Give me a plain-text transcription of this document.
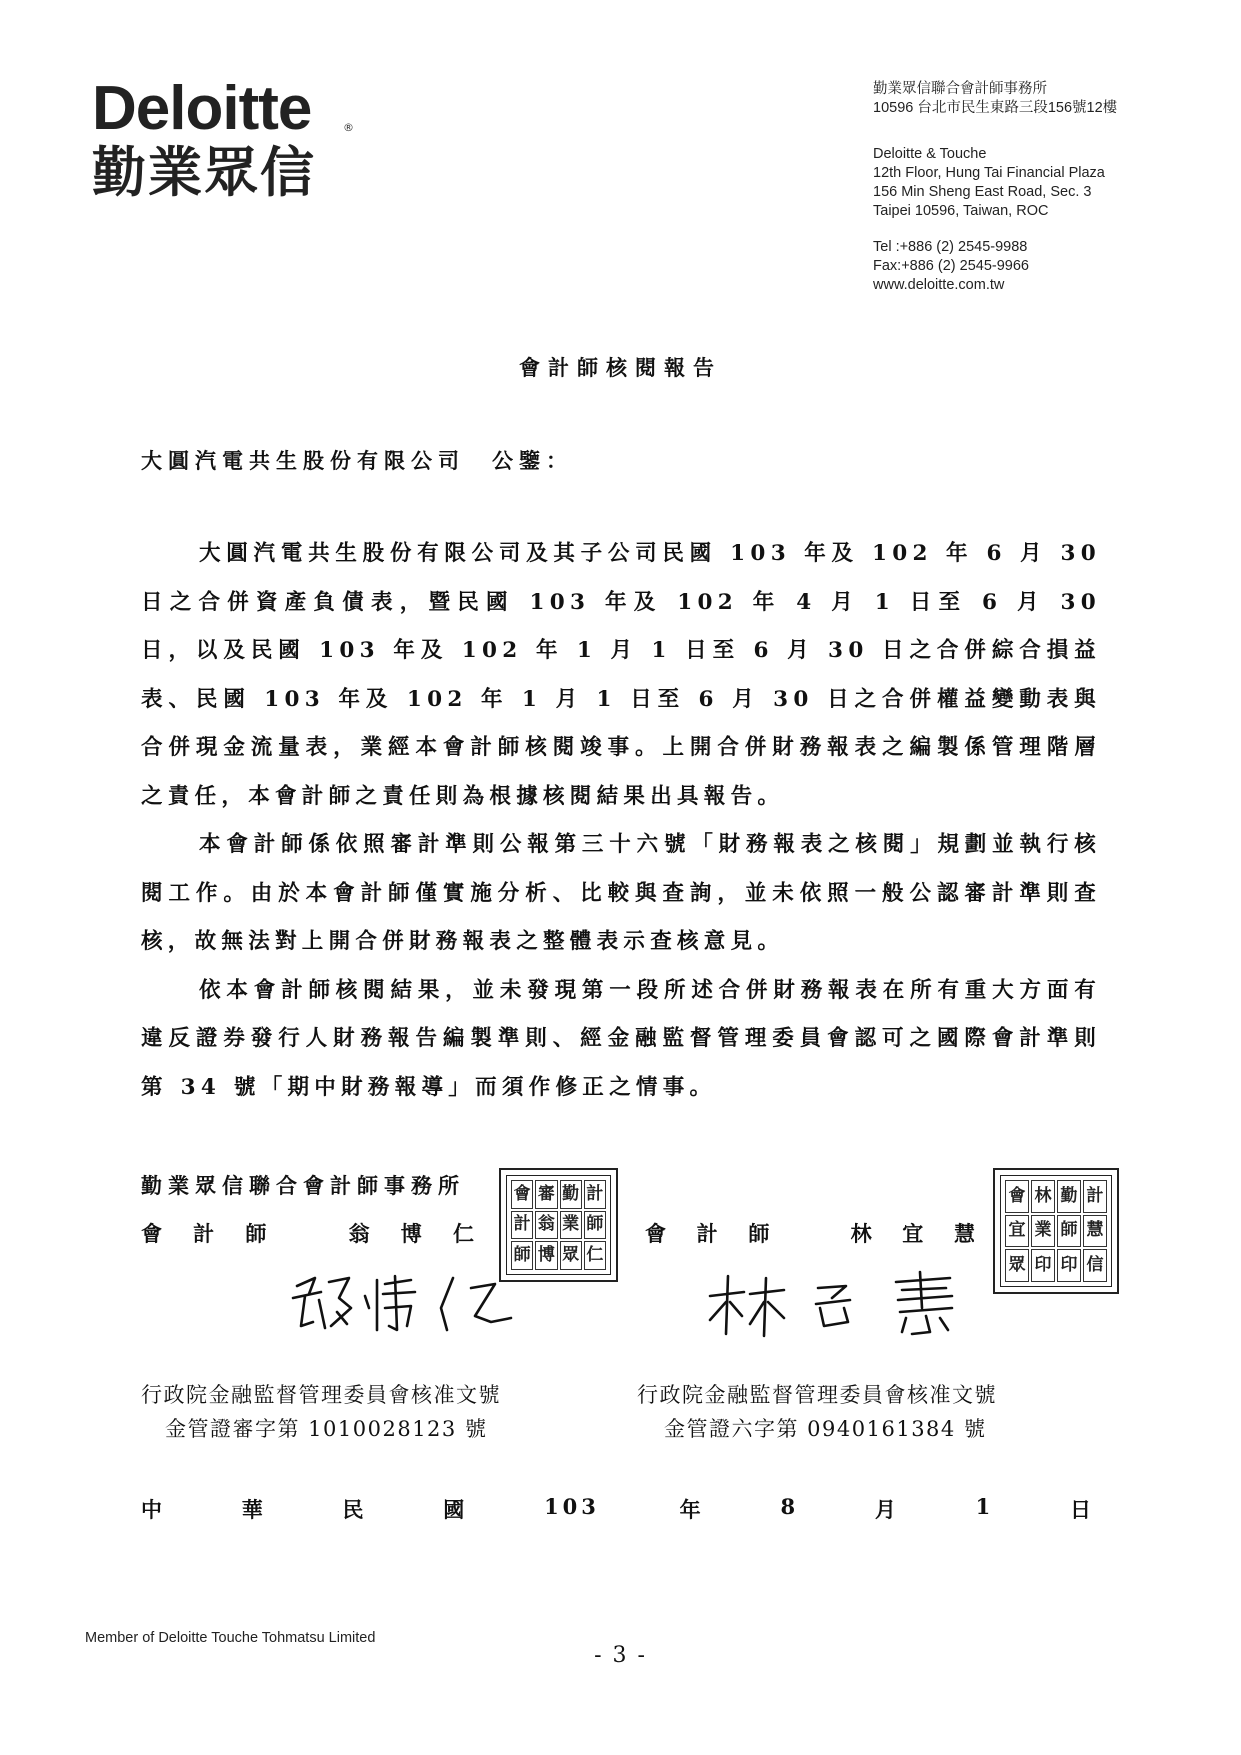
Deloitte	®
勤業眾信
勤業眾信聯合會計師事務所
10596 台北市民生東路三段156號12樓
Deloitte & Touche
12th Floor, Hung Tai Financial Plaza
156 Min Sheng East Road, Sec. 3
Taipei 10596, Taiwan, ROC
Tel :+886 (2) 2545-9988
Fax:+886 (2) 2545-9966
www.deloitte.com.tw
會計師核閱報告
大圓汽電共生股份有限公司　公鑒：

大圓汽電共生股份有限公司及其子公司民國 103 年及 102 年 6 月 30 日之合併資產負債表，暨民國 103 年及 102 年 4 月 1 日至 6 月 30 日，以及民國 103 年及 102 年 1 月 1 日至 6 月 30 日之合併綜合損益表、民國 103 年及 102 年 1 月 1 日至 6 月 30 日之合併權益變動表與合併現金流量表，業經本會計師核閱竣事。上開合併財務報表之編製係管理階層之責任，本會計師之責任則為根據核閱結果出具報告。

本會計師係依照審計準則公報第三十六號「財務報表之核閱」規劃並執行核閱工作。由於本會計師僅實施分析、比較與查詢，並未依照一般公認審計準則查核，故無法對上開合併財務報表之整體表示查核意見。

依本會計師核閱結果，並未發現第一段所述合併財務報表在所有重大方面有違反證券發行人財務報告編製準則、經金融監督管理委員會認可之國際會計準則第 34 號「期中財務報導」而須作修正之情事。

勤業眾信聯合會計師事務所
會 計 師	翁 博 仁
會 審 勤 計
計 翁 業 師
師 博 眾 仁
會 計 師	林 宜 慧
會 林 勤 計
宜 業 師 慧
眾 印 印 信
行政院金融監督管理委員會核准文號
金管證審字第 1010028123 號
行政院金融監督管理委員會核准文號
金管證六字第 0940161384 號
中	華	民	國	103	年	8	月	1	日
Member of Deloitte Touche Tohmatsu Limited
- 3 -
